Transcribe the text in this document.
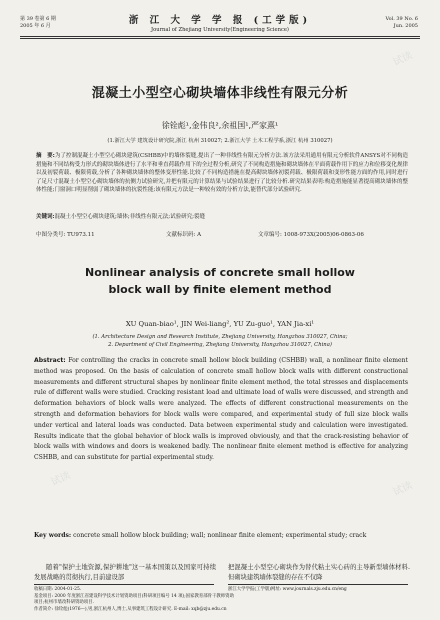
第 39 卷第 6 期
2005 年 6 月	浙 江 大 学 学 报 (工学版)
Journal of Zhejiang University(Engineering Science)
Vol. 39 No. 6
Jun. 2005
混凝土小型空心砌块墙体非线性有限元分析
徐铨彪¹,金伟良²,余祖国¹,严家熹¹
(1.浙江大学 建筑设计研究院,浙江 杭州 310027; 2.浙江大学 土木工程学系,浙江 杭州 310027)
摘　要:为了控制混凝土小型空心砌块建筑(CSHBB)中的墙体裂缝,提出了一种非线性有限元分析方法.该方法采用通用有限元分析软件ANSYS对不同构造措施和不同结构受力形式的砌块墙体进行了水平和垂直荷载作用下的全过程分析,研究了不同构造措施和砌块墙体在平面荷载作用下的应力和位移变化规律以及初裂荷载、极限荷载,分析了各种砌块墙体的整体变形性能.比较了不同构造措施在提高砌块墙体初裂荷载、极限荷载和变形性能方面的作用,同时进行了足尺寸混凝土小型空心砌块墙体的抗侧力试验研究,并把有限元的计算结果与试验结果进行了比较分析.研究结果表明:构造措施能显著提高砌块墙体的整体性能;门窗洞口明显削弱了砌块墙体的抗裂性能;该有限元方法是一种较有效的分析方法,能替代部分试验研究.
关键词:混凝土小型空心砌块建筑;墙体;非线性有限元法;试验研究;裂缝
中图分类号: TU973.11	文献标识码: A	文章编号: 1008-973X(2005)06-0863-06
Nonlinear analysis of concrete small hollow
block wall by finite element method
XU Quan-biao¹, JIN Wei-liang², YU Zu-guo¹, YAN Jia-xi¹
(1. Architecture Design and Research Institute, Zhejiang University, Hangzhou 310027, China;
2. Department of Civil Engineering, Zhejiang University, Hangzhou 310027, China)
Abstract: For controlling the cracks in concrete small hollow block building (CSHBB) wall, a nonlinear finite element method was proposed. On the basis of calculation of concrete small hollow block walls with different constructional measurements and different structural shapes by nonlinear finite element method, the total stresses and displacements rule of different walls were studied. Cracking resistant load and ultimate load of walls were discussed, and strength and deformation behaviors of block walls were analyzed. The effects of different constructional measurements on the strength and deformation behaviors for block walls were compared, and experimental study of full size block walls under vertical and lateral loads was conducted. Data between experimental study and calculation were investigated. Results indicate that the global behavior of block walls is improved obviously, and that the crack-resisting behavior of block walls with windows and doors is weakened badly. The nonlinear finite element method is effective for analyzing CSHBB, and can substitute for partial experimental study.
Key words: concrete small hollow block building; wall; nonlinear finite element; experimental study; crack
随着"保护土地资源,保护耕地"这一基本国策以及国家可持续发展战略的贯彻执行,目前建设部
把混凝土小型空心砌块作为替代粘土实心砖的主导新型墙体材料.但砌块建筑墙体裂缝的存在不仅降
收稿日期: 2004-01-25.
基金项目: 2000 年度浙江省建设科学技术计划资助项目(科研项目编号 14 项);国家教育部骨干教师资助项目;杭州市墙改科研资助项目.
作者简介: 徐铨彪(1976—),男,浙江杭州人,博士,从事建筑工程设计研究. E-mail: xqb@zju.edu.cn
浙江大学学报(工学版)网址: www.journals.zju.edu.cn/eng
试读
试读
试读
